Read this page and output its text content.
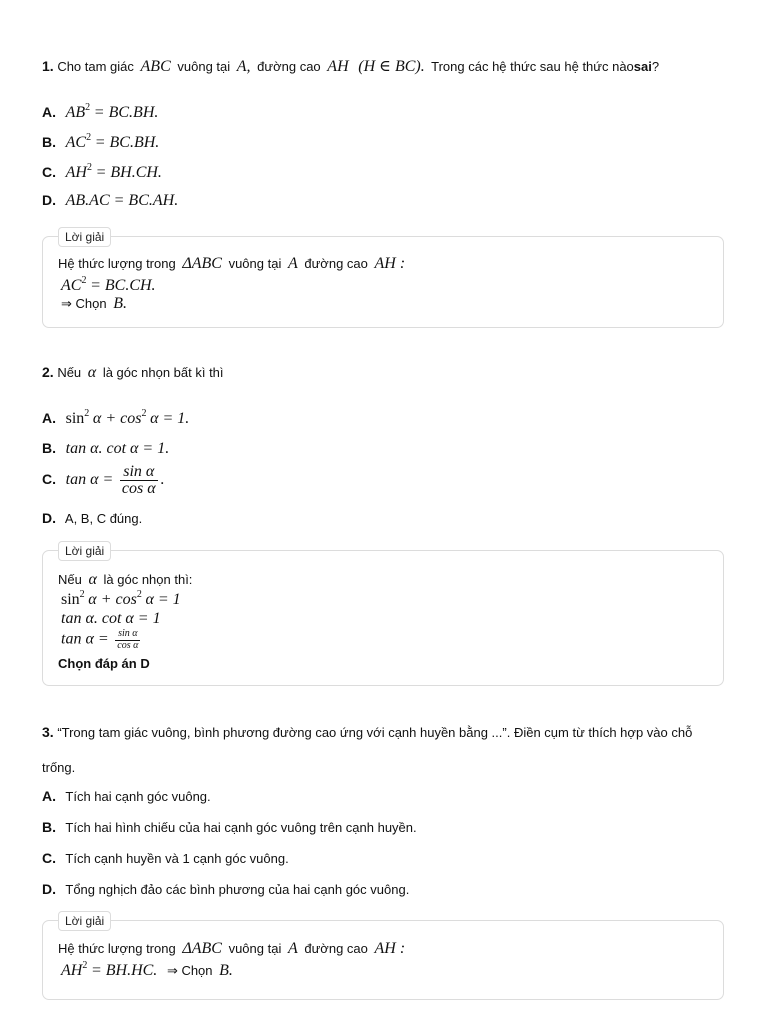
1. Cho tam giác ABC vuông tại A, đường cao AH (H ∈ BC). Trong các hệ thức sau hệ thức nàosai?
A. $AB^2 = BC.BH$.
B. $AC^2 = BC.BH$.
C. $AH^2 = BH.CH$.
D. AB.AC = BC.AH.
Lời giải
Hệ thức lượng trong ΔABC vuông tại A đường cao AH :
$AC^2 = BC.CH$.
⇒ Chọn B.
2. Nếu α là góc nhọn bất kì thì
A. $\sin^2 \alpha + \cos^2 \alpha = 1$.
B. tan α. cot α = 1.
C. $\tan \alpha = \frac{\text{sin α}}{\text{cos α}}$ .
D. A, B, C đúng.
Lời giải
Nếu α là góc nhọn thì:
$\sin^2 \alpha + \cos^2 \alpha = 1$
tan α. cot α = 1
$\tan \alpha = \frac{\text{sin α}}{\text{cos α}}$
Chọn đáp án D
3. “Trong tam giác vuông, bình phương đường cao ứng với cạnh huyền bằng ...”. Điền cụm từ thích hợp vào chỗ
trống.
A. Tích hai cạnh góc vuông.
B. Tích hai hình chiếu của hai cạnh góc vuông trên cạnh huyền.
C. Tích cạnh huyền và 1 cạnh góc vuông.
D. Tổng nghịch đảo các bình phương của hai cạnh góc vuông.
Lời giải
Hệ thức lượng trong ΔABC vuông tại A đường cao AH :
$AH^2 = BH.HC$. ⇒ Chọn B.
